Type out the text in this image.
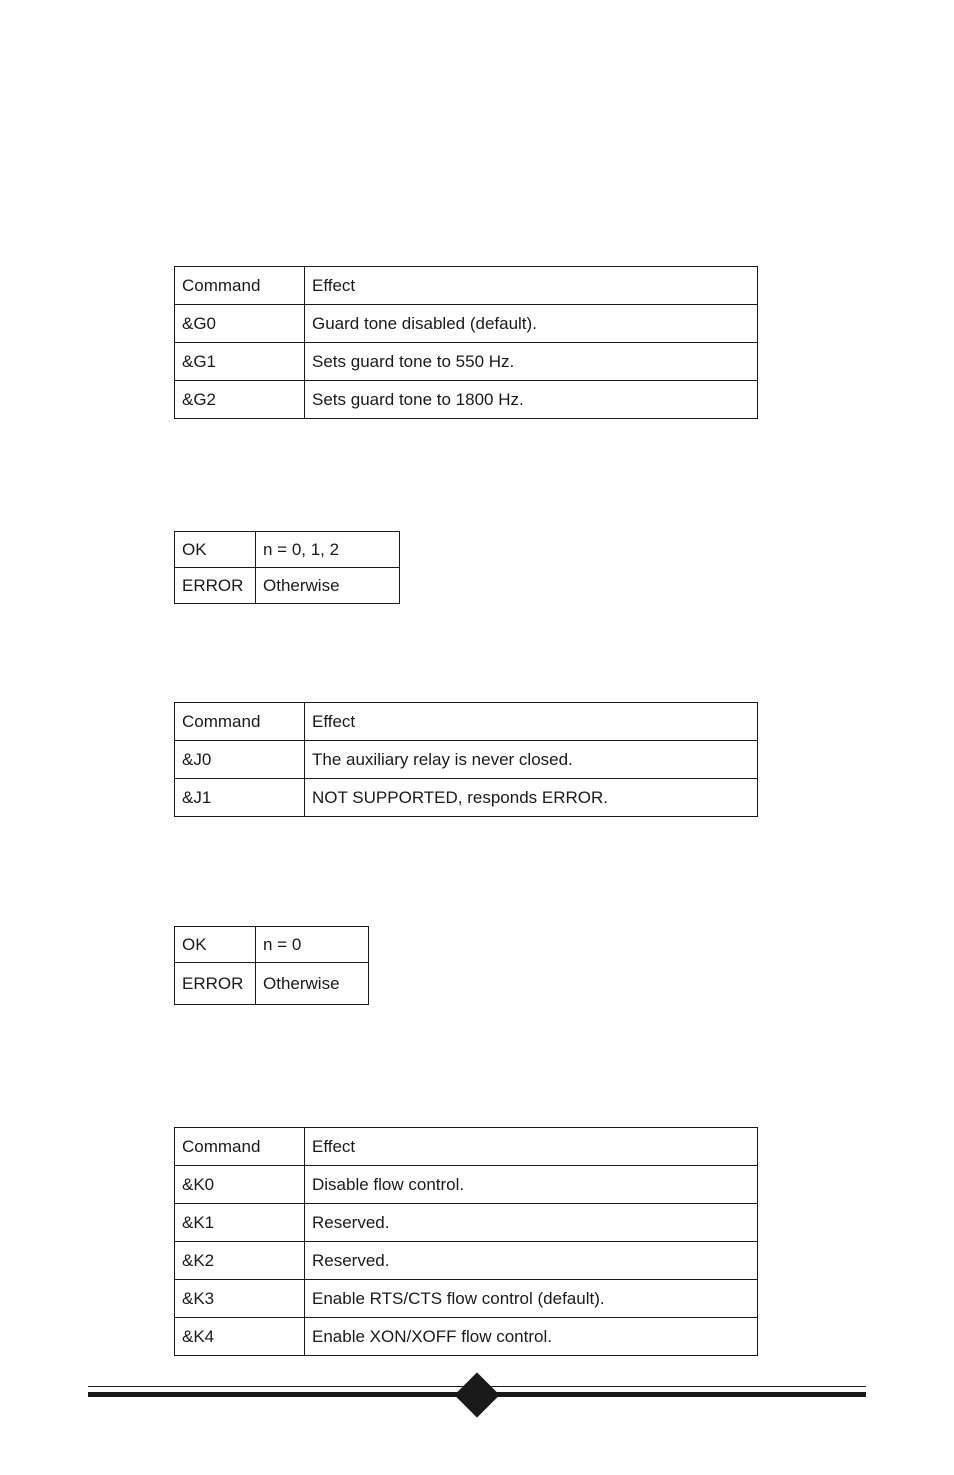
Command	Effect
&G0	Guard tone disabled (default).
&G1	Sets guard tone to 550 Hz.
&G2	Sets guard tone to 1800 Hz.
OK	n = 0, 1, 2
ERROR	Otherwise
Command	Effect
&J0	The auxiliary relay is never closed.
&J1	NOT SUPPORTED, responds ERROR.
OK	n = 0
ERROR	Otherwise
Command	Effect
&K0	Disable flow control.
&K1	Reserved.
&K2	Reserved.
&K3	Enable RTS/CTS flow control (default).
&K4	Enable XON/XOFF flow control.
